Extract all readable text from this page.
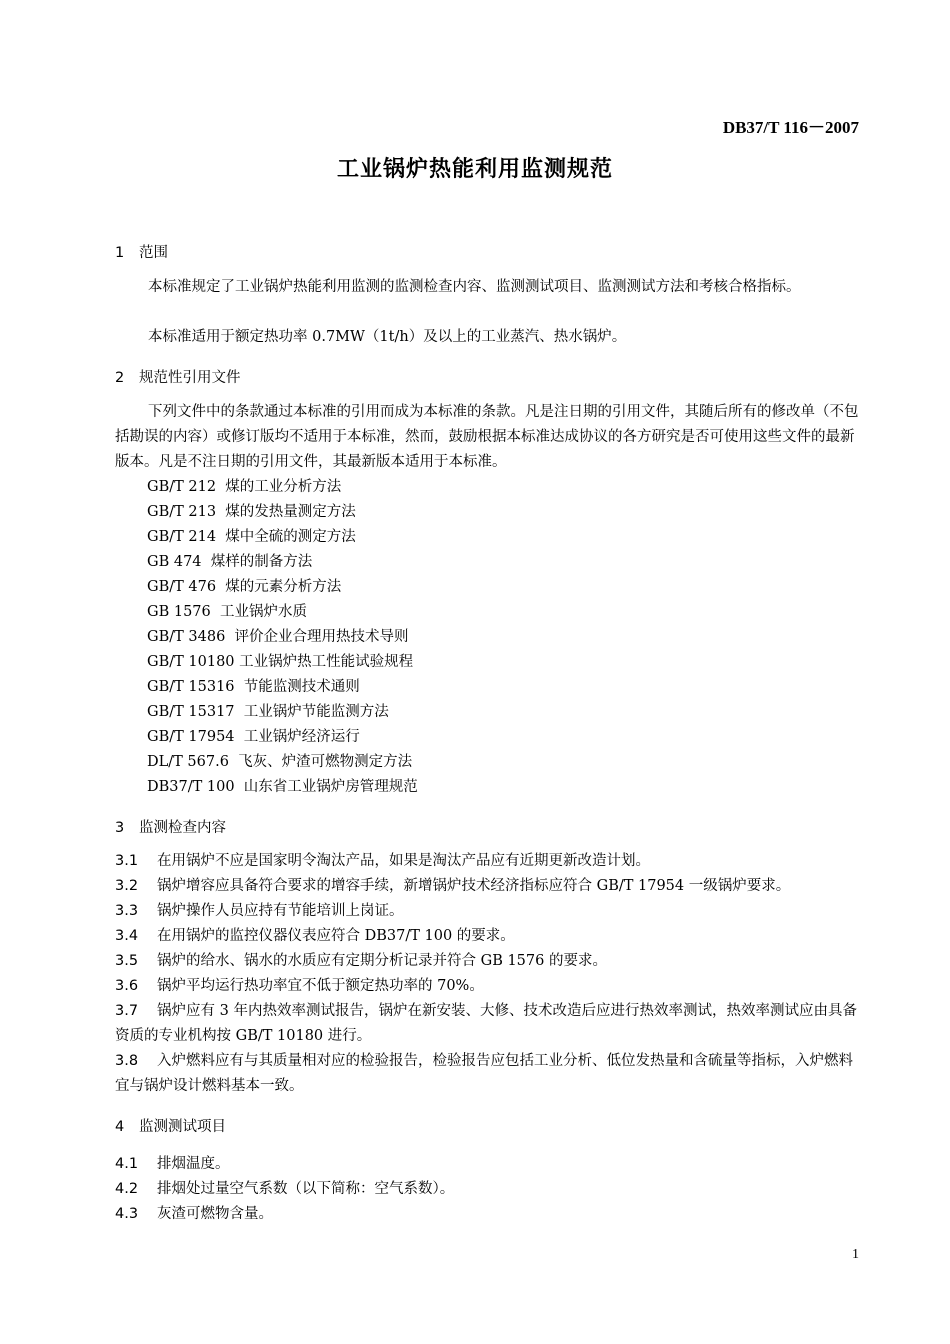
DB37/T 116－2007
工业锅炉热能利用监测规范
1 范围
本标准规定了工业锅炉热能利用监测的监测检查内容、监测测试项目、监测测试方法和考核合格指标。
本标准适用于额定热功率 0.7MW（1t/h）及以上的工业蒸汽、热水锅炉。
2 规范性引用文件
下列文件中的条款通过本标准的引用而成为本标准的条款。凡是注日期的引用文件，其随后所有的修改单（不包括勘误的内容）或修订版均不适用于本标准，然而，鼓励根据本标准达成协议的各方研究是否可使用这些文件的最新版本。凡是不注日期的引用文件，其最新版本适用于本标准。
GB/T 212  煤的工业分析方法
GB/T 213  煤的发热量测定方法
GB/T 214  煤中全硫的测定方法
GB 474  煤样的制备方法
GB/T 476  煤的元素分析方法
GB 1576  工业锅炉水质
GB/T 3486  评价企业合理用热技术导则
GB/T 10180 工业锅炉热工性能试验规程
GB/T 15316  节能监测技术通则
GB/T 15317  工业锅炉节能监测方法
GB/T 17954  工业锅炉经济运行
DL/T 567.6  飞灰、炉渣可燃物测定方法
DB37/T 100  山东省工业锅炉房管理规范
3 监测检查内容
3.1 在用锅炉不应是国家明令淘汰产品，如果是淘汰产品应有近期更新改造计划。
3.2 锅炉增容应具备符合要求的增容手续，新增锅炉技术经济指标应符合 GB/T 17954 一级锅炉要求。
3.3 锅炉操作人员应持有节能培训上岗证。
3.4 在用锅炉的监控仪器仪表应符合 DB37/T 100 的要求。
3.5 锅炉的给水、锅水的水质应有定期分析记录并符合 GB 1576 的要求。
3.6 锅炉平均运行热功率宜不低于额定热功率的 70%。
3.7 锅炉应有 3 年内热效率测试报告，锅炉在新安装、大修、技术改造后应进行热效率测试，热效率测试应由具备资质的专业机构按 GB/T 10180 进行。
3.8 入炉燃料应有与其质量相对应的检验报告，检验报告应包括工业分析、低位发热量和含硫量等指标，入炉燃料宜与锅炉设计燃料基本一致。
4 监测测试项目
4.1 排烟温度。
4.2 排烟处过量空气系数（以下简称：空气系数）。
4.3 灰渣可燃物含量。
1
